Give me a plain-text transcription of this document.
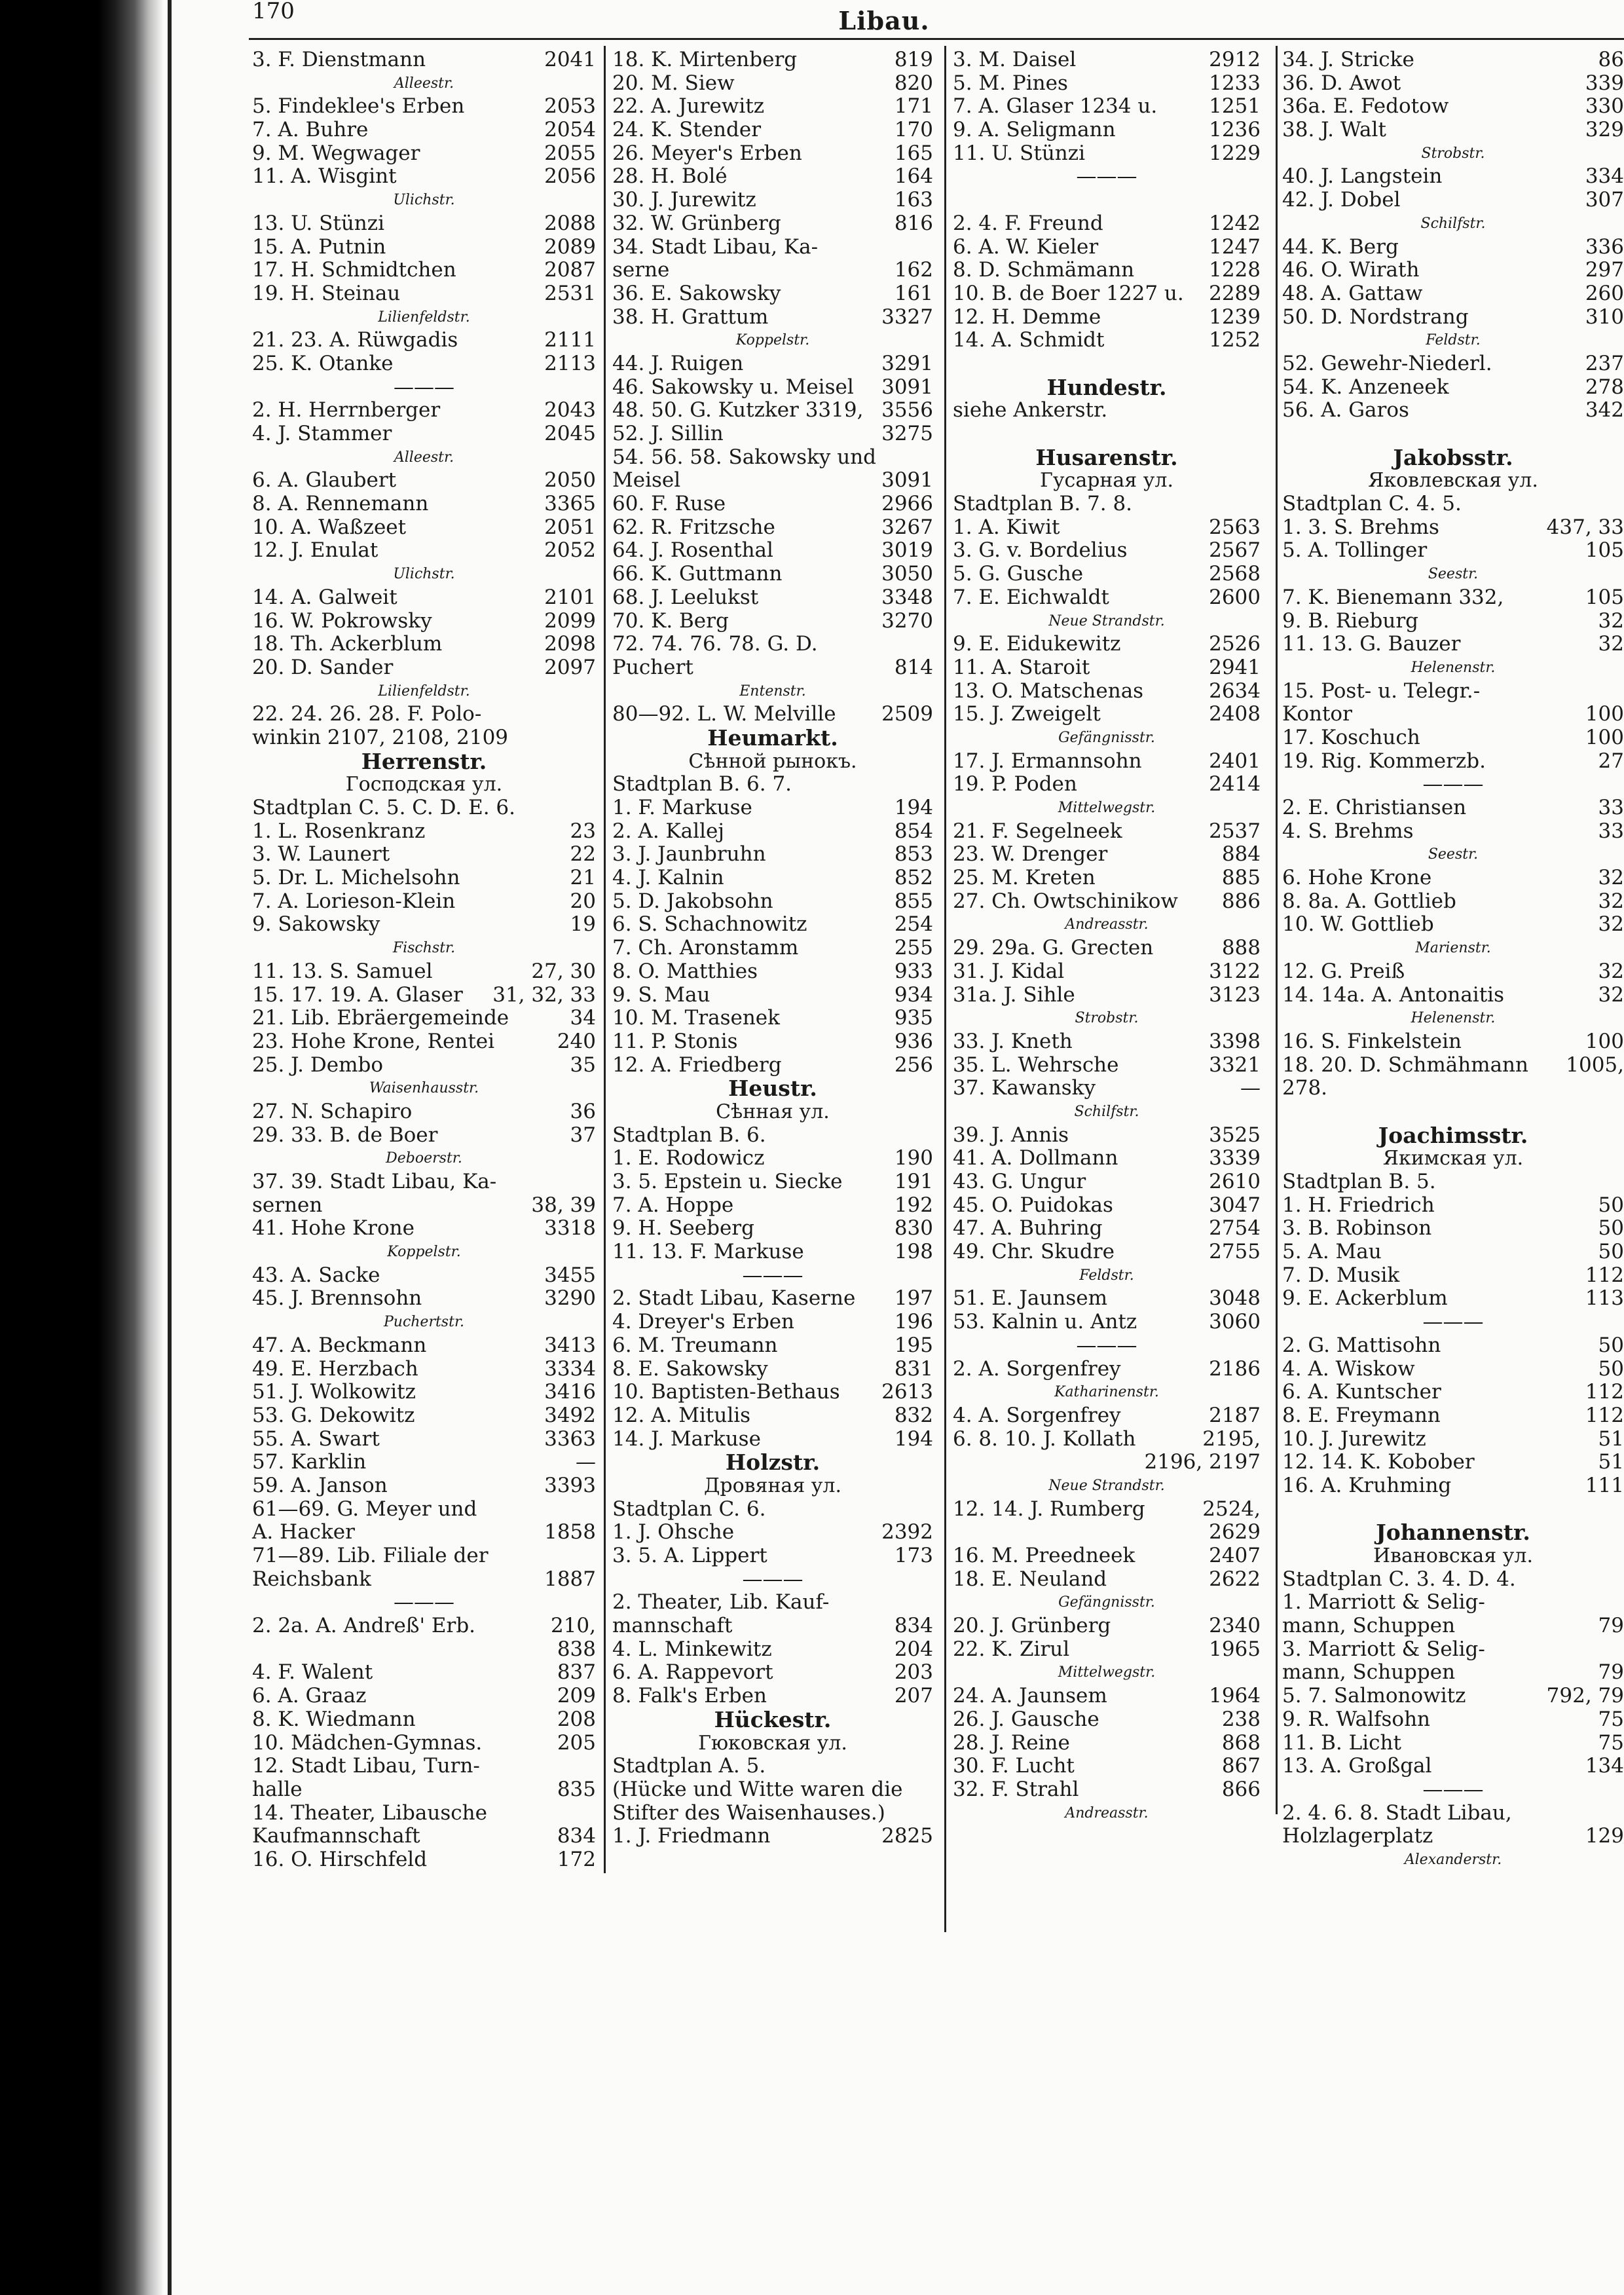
170	Libau.
3. F. Dienstmann	2041
Alleestr.
5. Findeklee's Erben	2053
7. A. Buhre	2054
9. M. Wegwager	2055
11. A. Wisgint	2056
Ulichstr.
13. U. Stünzi	2088
15. A. Putnin	2089
17. H. Schmidtchen	2087
19. H. Steinau	2531
Lilienfeldstr.
21. 23. A. Rüwgadis	2111
25. K. Otanke	2113
———
2. H. Herrnberger	2043
4. J. Stammer	2045
Alleestr.
6. A. Glaubert	2050
8. A. Rennemann	3365
10. A. Waßzeet	2051
12. J. Enulat	2052
Ulichstr.
14. A. Galweit	2101
16. W. Pokrowsky	2099
18. Th. Ackerblum	2098
20. D. Sander	2097
Lilienfeldstr.
22. 24. 26. 28. F. Polo-
winkin 2107, 2108, 2109
Herrenstr.
Господская ул.
Stadtplan C. 5. C. D. E. 6.
1. L. Rosenkranz	23
3. W. Launert	22
5. Dr. L. Michelsohn	21
7. A. Lorieson-Klein	20
9. Sakowsky	19
Fischstr.
11. 13. S. Samuel	27, 30
15. 17. 19. A. Glaser 31, 32, 33
21. Lib. Ebräergemeinde	34
23. Hohe Krone, Rentei	240
25. J. Dembo	35
Waisenhausstr.
27. N. Schapiro	36
29. 33. B. de Boer	37
Deboerstr.
37. 39. Stadt Libau, Ka-
sernen	38, 39
41. Hohe Krone	3318
Koppelstr.
43. A. Sacke	3455
45. J. Brennsohn	3290
Puchertstr.
47. A. Beckmann	3413
49. E. Herzbach	3334
51. J. Wolkowitz	3416
53. G. Dekowitz	3492
55. A. Swart	3363
57. Karklin	—
59. A. Janson	3393
61—69. G. Meyer und
A. Hacker	1858
71—89. Lib. Filiale der
Reichsbank	1887
———
2. 2a. A. Andreß' Erb.	210,
838
4. F. Walent	837
6. A. Graaz	209
8. K. Wiedmann	208
10. Mädchen-Gymnas.	205
12. Stadt Libau, Turn-
halle	835
14. Theater, Libausche
Kaufmannschaft	834
16. O. Hirschfeld	172
18. K. Mirtenberg	819
20. M. Siew	820
22. A. Jurewitz	171
24. K. Stender	170
26. Meyer's Erben	165
28. H. Bolé	164
30. J. Jurewitz	163
32. W. Grünberg	816
34. Stadt Libau, Ka-
serne	162
36. E. Sakowsky	161
38. H. Grattum	3327
Koppelstr.
44. J. Ruigen	3291
46. Sakowsky u. Meisel 3091
48. 50. G. Kutzker 3319, 3556
52. J. Sillin	3275
54. 56. 58. Sakowsky und
Meisel	3091
60. F. Ruse	2966
62. R. Fritzsche	3267
64. J. Rosenthal	3019
66. K. Guttmann	3050
68. J. Leelukst	3348
70. K. Berg	3270
72. 74. 76. 78. G. D.
Puchert	814
Entenstr.
80—92. L. W. Melville 2509
Heumarkt.
Сѣнной рынокъ.
Stadtplan B. 6. 7.
1. F. Markuse	194
2. A. Kallej	854
3. J. Jaunbruhn	853
4. J. Kalnin	852
5. D. Jakobsohn	855
6. S. Schachnowitz	254
7. Ch. Aronstamm	255
8. O. Matthies	933
9. S. Mau	934
10. M. Trasenek	935
11. P. Stonis	936
12. A. Friedberg	256
Heustr.
Сѣнная ул.
Stadtplan B. 6.
1. E. Rodowicz	190
3. 5. Epstein u. Siecke	191
7. A. Hoppe	192
9. H. Seeberg	830
11. 13. F. Markuse	198
———
2. Stadt Libau, Kaserne 197
4. Dreyer's Erben	196
6. M. Treumann	195
8. E. Sakowsky	831
10. Baptisten-Bethaus 2613
12. A. Mitulis	832
14. J. Markuse	194
Holzstr.
Дровяная ул.
Stadtplan C. 6.
1. J. Ohsche	2392
3. 5. A. Lippert	173
———
2. Theater, Lib. Kauf-
mannschaft	834
4. L. Minkewitz	204
6. A. Rappevort	203
8. Falk's Erben	207
Hückestr.
Гюковская ул.
Stadtplan A. 5.
(Hücke und Witte waren die
Stifter des Waisenhauses.)
1. J. Friedmann	2825
3. M. Daisel	2912
5. M. Pines	1233
7. A. Glaser 1234 u.	1251
9. A. Seligmann	1236
11. U. Stünzi	1229
———
2. 4. F. Freund	1242
6. A. W. Kieler	1247
8. D. Schmämann	1228
10. B. de Boer 1227 u. 2289
12. H. Demme	1239
14. A. Schmidt	1252
Hundestr.
siehe Ankerstr.
Husarenstr.
Гусарная ул.
Stadtplan B. 7. 8.
1. A. Kiwit	2563
3. G. v. Bordelius	2567
5. G. Gusche	2568
7. E. Eichwaldt	2600
Neue Strandstr.
9. E. Eidukewitz	2526
11. A. Staroit	2941
13. O. Matschenas	2634
15. J. Zweigelt	2408
Gefängnisstr.
17. J. Ermannsohn	2401
19. P. Poden	2414
Mittelwegstr.
21. F. Segelneek	2537
23. W. Drenger	884
25. M. Kreten	885
27. Ch. Owtschinikow 886
Andreasstr.
29. 29a. G. Grecten	888
31. J. Kidal	3122
31a. J. Sihle	3123
Strobstr.
33. J. Kneth	3398
35. L. Wehrsche	3321
37. Kawansky	—
Schilfstr.
39. J. Annis	3525
41. A. Dollmann	3339
43. G. Ungur	2610
45. O. Puidokas	3047
47. A. Buhring	2754
49. Chr. Skudre	2755
Feldstr.
51. E. Jaunsem	3048
53. Kalnin u. Antz	3060
———
2. A. Sorgenfrey	2186
Katharinenstr.
4. A. Sorgenfrey	2187
6. 8. 10. J. Kollath	2195,
2196, 2197
Neue Strandstr.
12. 14. J. Rumberg	2524,
2629
16. M. Preedneek	2407
18. E. Neuland	2622
Gefängnisstr.
20. J. Grünberg	2340
22. K. Zirul	1965
Mittelwegstr.
24. A. Jaunsem	1964
26. J. Gausche	238
28. J. Reine	868
30. F. Lucht	867
32. F. Strahl	866
Andreasstr.
34. J. Stricke	86
36. D. Awot	339
36a. E. Fedotow	330
38. J. Walt	329
Strobstr.
40. J. Langstein	334
42. J. Dobel	307
Schilfstr.
44. K. Berg	336
46. O. Wirath	297
48. A. Gattaw	260
50. D. Nordstrang	310
Feldstr.
52. Gewehr-Niederl.	237
54. K. Anzeneek	278
56. A. Garos	342
Jakobsstr.
Яковлевская ул.
Stadtplan C. 4. 5.
1. 3. S. Brehms	437, 33
5. A. Tollinger	105
Seestr.
7. K. Bienemann 332,	105
9. B. Rieburg	32
11. 13. G. Bauzer	32
Helenenstr.
15. Post- u. Telegr.-
Kontor	100
17. Koschuch	100
19. Rig. Kommerzb.	27
———
2. E. Christiansen	33
4. S. Brehms	33
Seestr.
6. Hohe Krone	32
8. 8a. A. Gottlieb	32
10. W. Gottlieb	32
Marienstr.
12. G. Preiß	32
14. 14a. A. Antonaitis	32
Helenenstr.
16. S. Finkelstein	100
18. 20. D. Schmähmann 1005,
278.
Joachimsstr.
Якимская ул.
Stadtplan B. 5.
1. H. Friedrich	50
3. B. Robinson	50
5. A. Mau	50
7. D. Musik	112
9. E. Ackerblum	113
———
2. G. Mattisohn	50
4. A. Wiskow	50
6. A. Kuntscher	112
8. E. Freymann	112
10. J. Jurewitz	51
12. 14. K. Kobober	51
16. A. Kruhming	111
Johannenstr.
Ивановская ул.
Stadtplan C. 3. 4. D. 4.
1. Marriott & Selig-
mann, Schuppen	79
3. Marriott & Selig-
mann, Schuppen	79
5. 7. Salmonowitz	792, 79
9. R. Walfsohn	75
11. B. Licht	75
13. A. Großgal	134
———
2. 4. 6. 8. Stadt Libau,
Holzlagerplatz	129
Alexanderstr.
